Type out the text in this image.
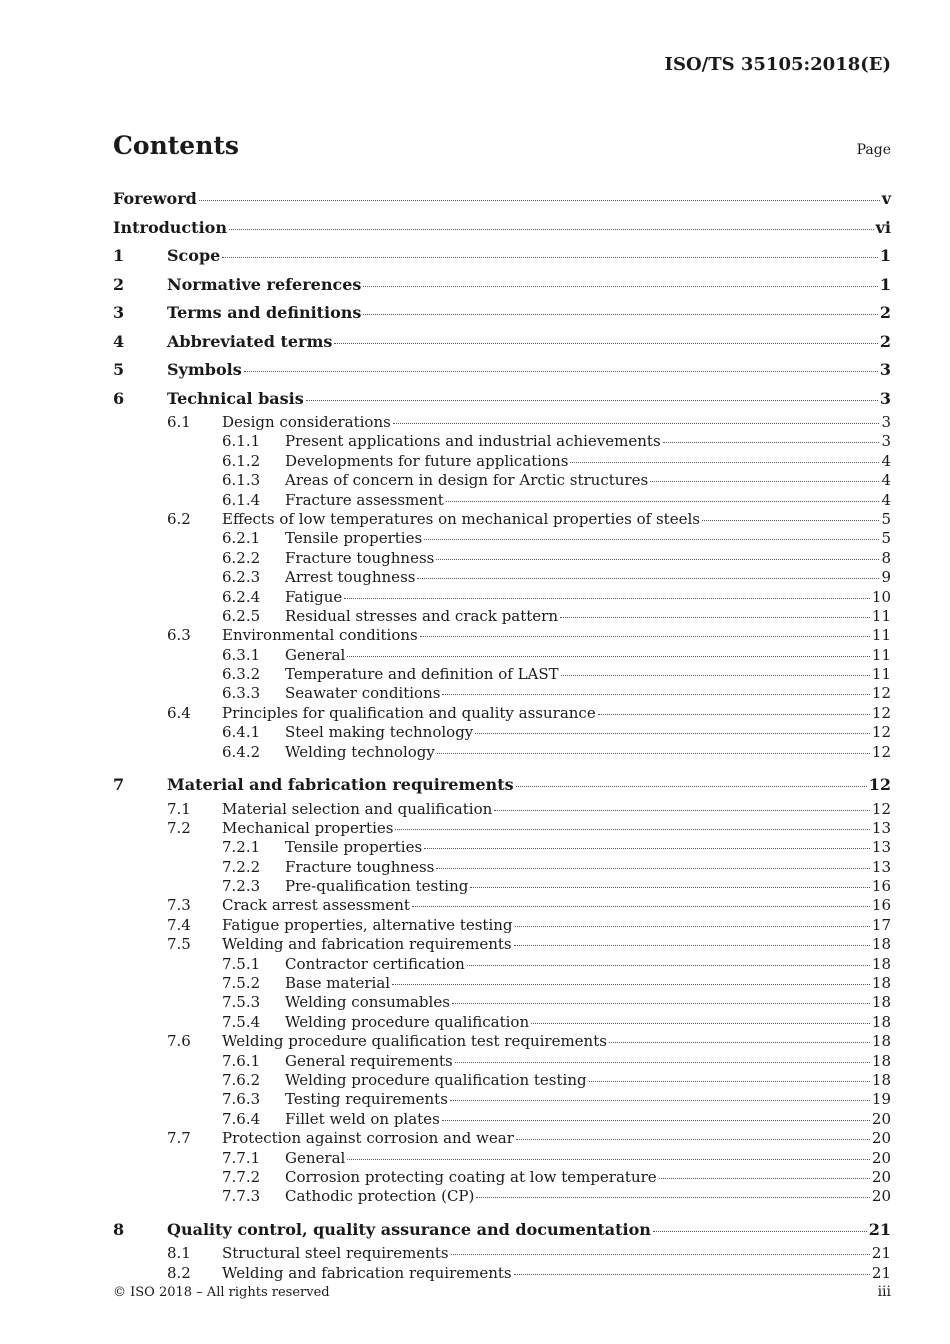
ISO/TS 35105:2018(E)
Contents	Page
Foreword	v
Introduction	vi
1	Scope	1
2	Normative references	1
3	Terms and definitions	2
4	Abbreviated terms	2
5	Symbols	3
6	Technical basis	3
6.1 Design considerations	3
6.1.1 Present applications and industrial achievements	3
6.1.2 Developments for future applications	4
6.1.3 Areas of concern in design for Arctic structures	4
6.1.4 Fracture assessment	4
6.2 Effects of low temperatures on mechanical properties of steels	5
6.2.1 Tensile properties	5
6.2.2 Fracture toughness	8
6.2.3 Arrest toughness	9
6.2.4 Fatigue	10
6.2.5 Residual stresses and crack pattern	11
6.3 Environmental conditions	11
6.3.1 General	11
6.3.2 Temperature and definition of LAST	11
6.3.3 Seawater conditions	12
6.4 Principles for qualification and quality assurance	12
6.4.1 Steel making technology	12
6.4.2 Welding technology	12
7	Material and fabrication requirements	12
7.1 Material selection and qualification	12
7.2 Mechanical properties	13
7.2.1 Tensile properties	13
7.2.2 Fracture toughness	13
7.2.3 Pre-qualification testing	16
7.3 Crack arrest assessment	16
7.4 Fatigue properties, alternative testing	17
7.5 Welding and fabrication requirements	18
7.5.1 Contractor certification	18
7.5.2 Base material	18
7.5.3 Welding consumables	18
7.5.4 Welding procedure qualification	18
7.6 Welding procedure qualification test requirements	18
7.6.1 General requirements	18
7.6.2 Welding procedure qualification testing	18
7.6.3 Testing requirements	19
7.6.4 Fillet weld on plates	20
7.7 Protection against corrosion and wear	20
7.7.1 General	20
7.7.2 Corrosion protecting coating at low temperature	20
7.7.3 Cathodic protection (CP)	20
8	Quality control, quality assurance and documentation	21
8.1 Structural steel requirements	21
8.2 Welding and fabrication requirements	21
© ISO 2018 – All rights reserved	iii
